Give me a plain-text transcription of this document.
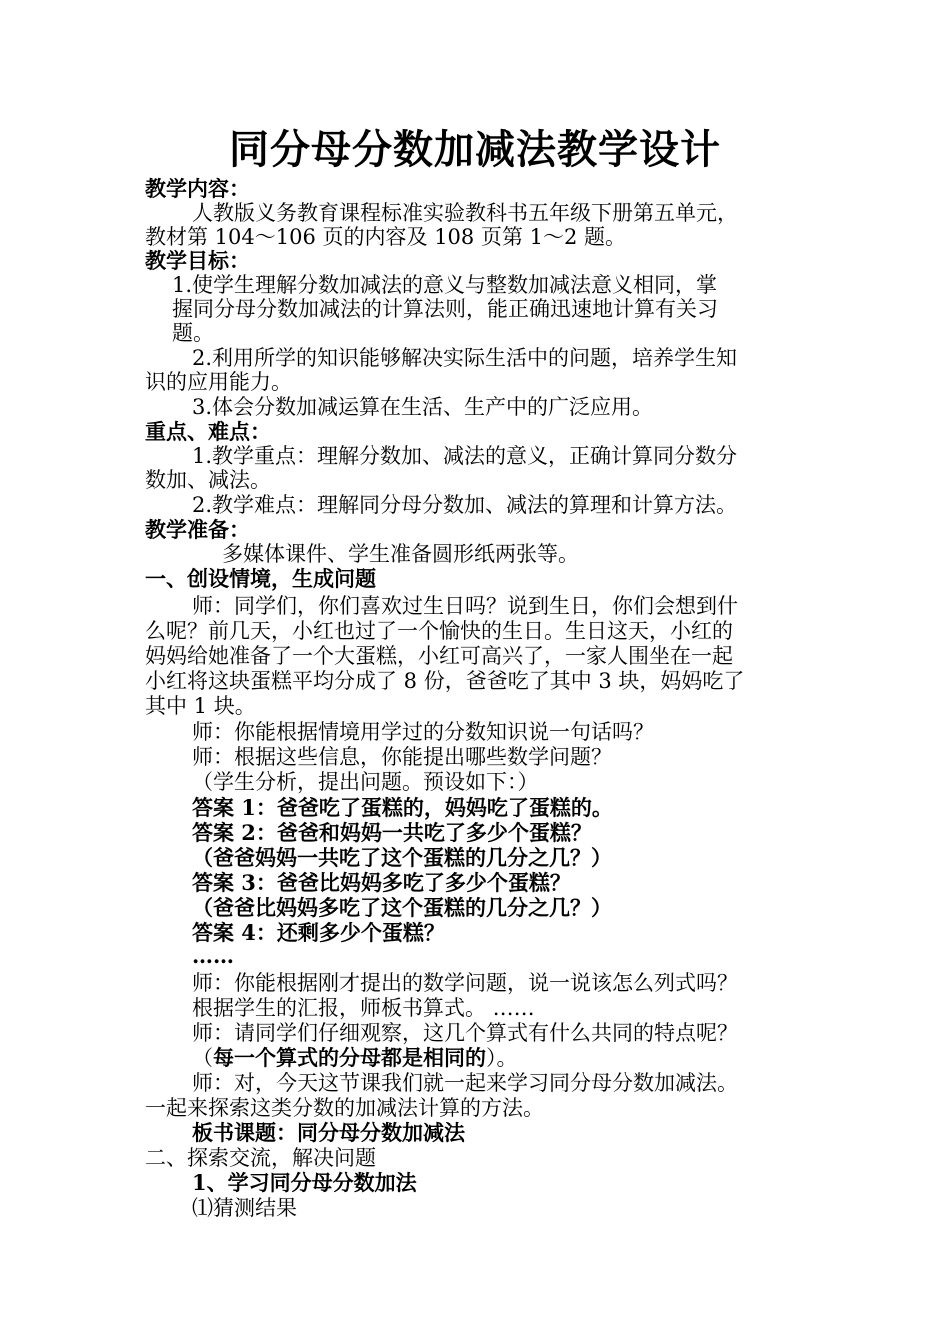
同分母分数加减法教学设计
教学内容：
人教版义务教育课程标准实验教科书五年级下册第五单元，
教材第 104～106 页的内容及 108 页第 1～2 题。
教学目标：
1.使学生理解分数加减法的意义与整数加减法意义相同，掌
握同分母分数加减法的计算法则，能正确迅速地计算有关习
题。
2.利用所学的知识能够解决实际生活中的问题，培养学生知
识的应用能力。
3.体会分数加减运算在生活、生产中的广泛应用。
重点、难点：
1.教学重点：理解分数加、减法的意义，正确计算同分数分
数加、减法。
2.教学难点：理解同分母分数加、减法的算理和计算方法。
教学准备：
多媒体课件、学生准备圆形纸两张等。
一、创设情境，生成问题
师：同学们，你们喜欢过生日吗？说到生日，你们会想到什
么呢？前几天，小红也过了一个愉快的生日。生日这天，小红的
妈妈给她准备了一个大蛋糕，小红可高兴了，一家人围坐在一起
小红将这块蛋糕平均分成了 8 份，爸爸吃了其中 3 块，妈妈吃了
其中 1 块。
师：你能根据情境用学过的分数知识说一句话吗？
师：根据这些信息，你能提出哪些数学问题？
（学生分析，提出问题。预设如下：）
答案 1：爸爸吃了蛋糕的，妈妈吃了蛋糕的。
答案 2：爸爸和妈妈一共吃了多少个蛋糕？
（爸爸妈妈一共吃了这个蛋糕的几分之几？）
答案 3：爸爸比妈妈多吃了多少个蛋糕？
（爸爸比妈妈多吃了这个蛋糕的几分之几？）
答案 4：还剩多少个蛋糕？
……
师：你能根据刚才提出的数学问题，说一说该怎么列式吗？
根据学生的汇报，师板书算式。 ……
师：请同学们仔细观察，这几个算式有什么共同的特点呢？
（每一个算式的分母都是相同的）。
师：对，今天这节课我们就一起来学习同分母分数加减法。
一起来探索这类分数的加减法计算的方法。
板书课题：同分母分数加减法
二、探索交流，解决问题
1、学习同分母分数加法
⑴猜测结果
